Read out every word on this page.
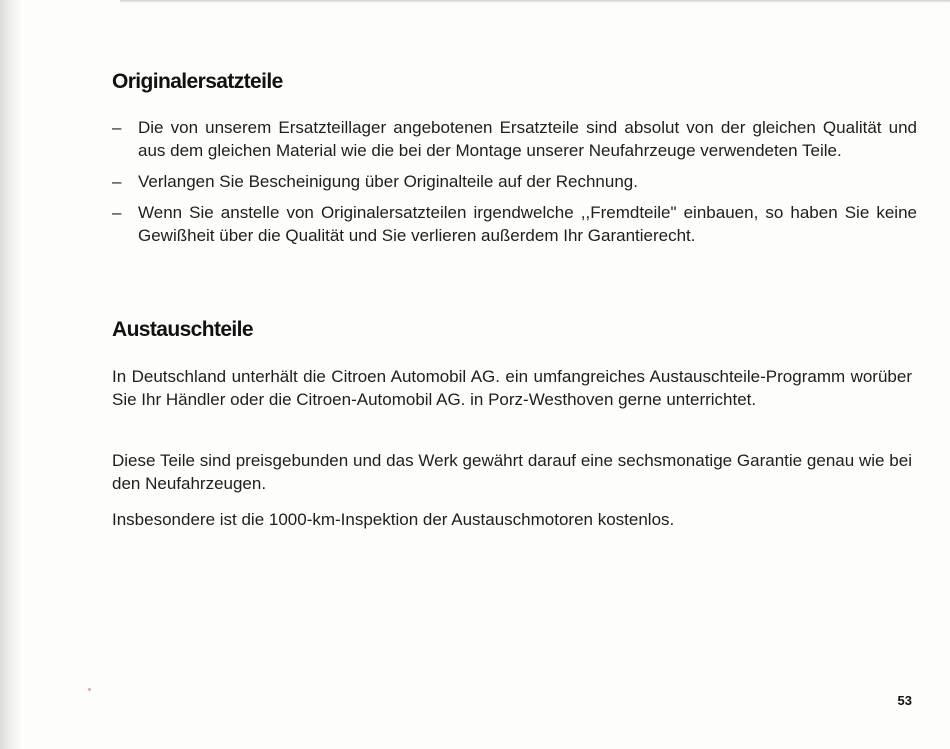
Originalersatzteile
– Die von unserem Ersatzteillager angebotenen Ersatzteile sind absolut von der gleichen Qualität und aus dem gleichen Material wie die bei der Montage unserer Neufahrzeuge verwendeten Teile.
– Verlangen Sie Bescheinigung über Originalteile auf der Rechnung.
– Wenn Sie anstelle von Originalersatzteilen irgendwelche ,,Fremdteile" einbauen, so haben Sie keine Gewißheit über die Qualität und Sie verlieren außerdem Ihr Garantierecht.
Austauschteile

In Deutschland unterhält die Citroen Automobil AG. ein umfangreiches Austauschteile-Programm worüber Sie Ihr Händler oder die Citroen-Automobil AG. in Porz-Westhoven gerne unterrichtet.

Diese Teile sind preisgebunden und das Werk gewährt darauf eine sechsmonatige Garantie genau wie bei den Neufahrzeugen.

Insbesondere ist die 1000-km-Inspektion der Austauschmotoren kostenlos.

53
